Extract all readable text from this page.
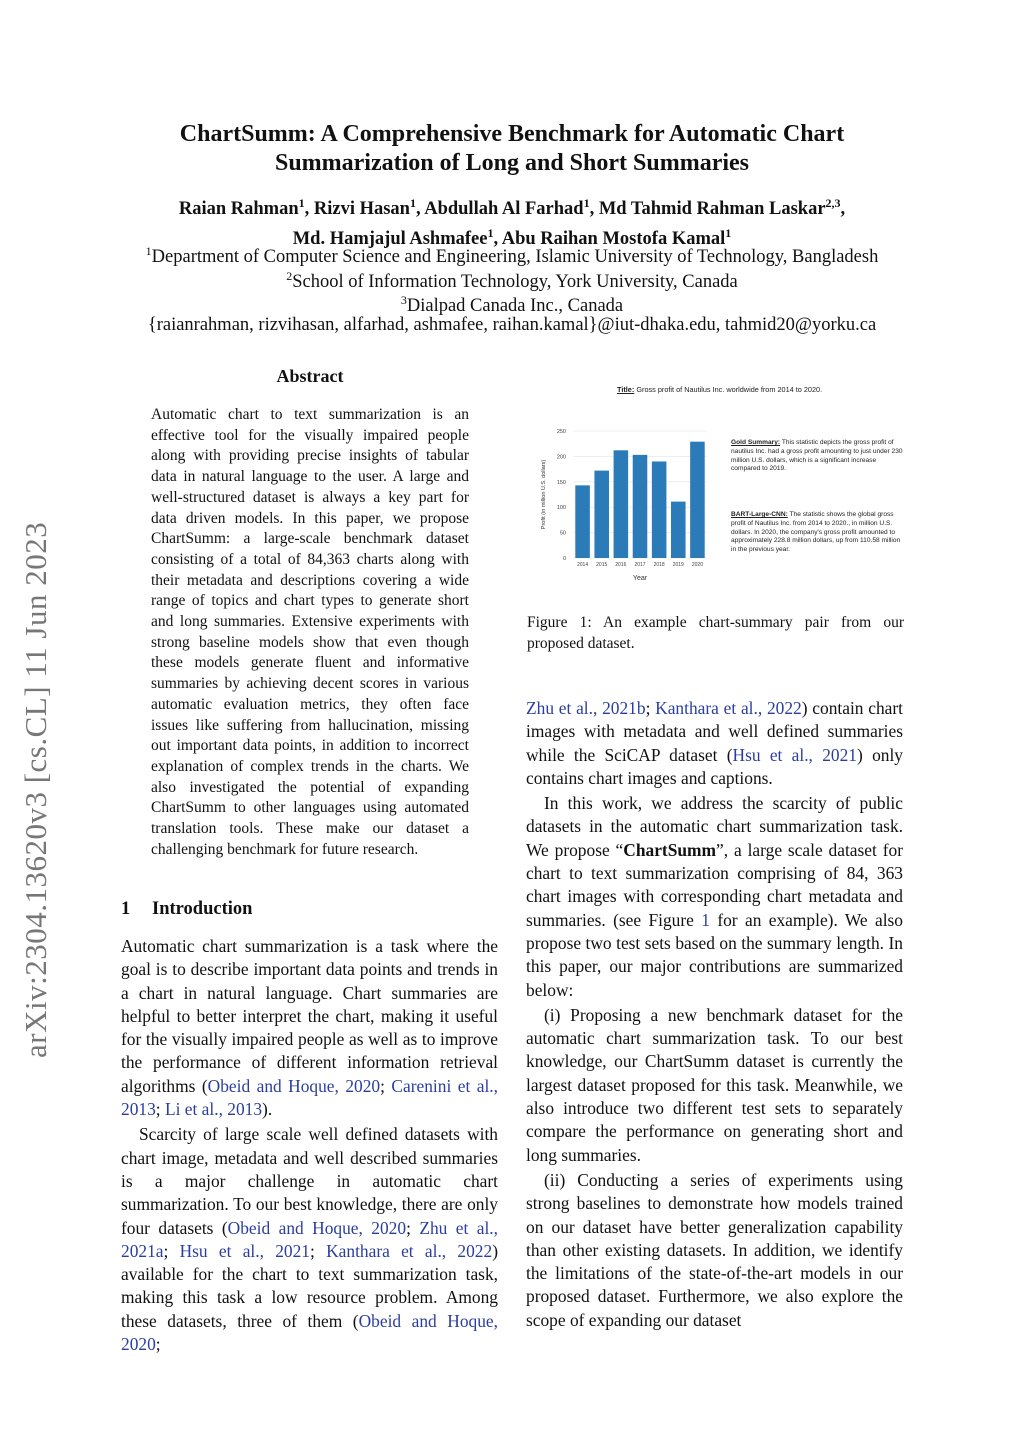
ChartSumm: A Comprehensive Benchmark for Automatic Chart
Summarization of Long and Short Summaries
Raian Rahman$^1$, Rizvi Hasan$^1$, Abdullah Al Farhad$^1$, Md Tahmid Rahman Laskar$^{2,3}$,
Md. Hamjajul Ashmafee$^1$, Abu Raihan Mostofa Kamal$^1$
$^1$Department of Computer Science and Engineering, Islamic University of Technology, Bangladesh
$^2$School of Information Technology, York University, Canada
$^3$Dialpad Canada Inc., Canada
{raianrahman, rizvihasan, alfarhad, ashmafee, raihan.kamal}@iut-dhaka.edu, tahmid20@yorku.ca
arXiv:2304.13620v3 [cs.CL] 11 Jun 2023
Abstract
Automatic chart to text summarization is an effective tool for the visually impaired people along with providing precise insights of tabular data in natural language to the user. A large and well-structured dataset is always a key part for data driven models. In this paper, we propose ChartSumm: a large-scale benchmark dataset consisting of a total of 84,363 charts along with their metadata and descriptions covering a wide range of topics and chart types to generate short and long summaries. Extensive experiments with strong baseline models show that even though these models generate fluent and informative summaries by achieving decent scores in various automatic evaluation metrics, they often face issues like suffering from hallucination, missing out important data points, in addition to incorrect explanation of complex trends in the charts. We also investigated the potential of expanding ChartSumm to other languages using automated translation tools. These make our dataset a challenging benchmark for future research.
1 Introduction

Automatic chart summarization is a task where the goal is to describe important data points and trends in a chart in natural language. Chart summaries are helpful to better interpret the chart, making it useful for the visually impaired people as well as to improve the performance of different information retrieval algorithms (Obeid and Hoque, 2020; Carenini et al., 2013; Li et al., 2013).

Scarcity of large scale well defined datasets with chart image, metadata and well described summaries is a major challenge in automatic chart summarization. To our best knowledge, there are only four datasets (Obeid and Hoque, 2020; Zhu et al., 2021a; Hsu et al., 2021; Kanthara et al., 2022) available for the chart to text summarization task, making this task a low resource problem. Among these datasets, three of them (Obeid and Hoque, 2020;

Title: Gross profit of Nautilus Inc. worldwide from 2014 to 2020.
0
50
100
150
200
250
2014 2015 2016 2017 2018 2019 2020
Year
Profit (in million U.S. dollars)
Gold Summary: This statistic depicts the gross profit of nautilus Inc. had a gross profit amounting to just under 230 million U.S. dollars, which is a significant increase compared to 2019.
BART-Large-CNN: The statistic shows the global gross profit of Nautilus Inc. from 2014 to 2020., in million U.S. dollars. In 2020, the company's gross profit amounted to approximately 228.8 million dollars, up from 110.58 million in the previous year.
Figure 1: An example chart-summary pair from our proposed dataset.

Zhu et al., 2021b; Kanthara et al., 2022) contain chart images with metadata and well defined summaries while the SciCAP dataset (Hsu et al., 2021) only contains chart images and captions.

In this work, we address the scarcity of public datasets in the automatic chart summarization task. We propose “ChartSumm”, a large scale dataset for chart to text summarization comprising of 84, 363 chart images with corresponding chart metadata and summaries. (see Figure 1 for an example). We also propose two test sets based on the summary length. In this paper, our major contributions are summarized below:

(i) Proposing a new benchmark dataset for the automatic chart summarization task. To our best knowledge, our ChartSumm dataset is currently the largest dataset proposed for this task. Meanwhile, we also introduce two different test sets to separately compare the performance on generating short and long summaries.

(ii) Conducting a series of experiments using strong baselines to demonstrate how models trained on our dataset have better generalization capability than other existing datasets. In addition, we identify the limitations of the state-of-the-art models in our proposed dataset. Furthermore, we also explore the scope of expanding our dataset
